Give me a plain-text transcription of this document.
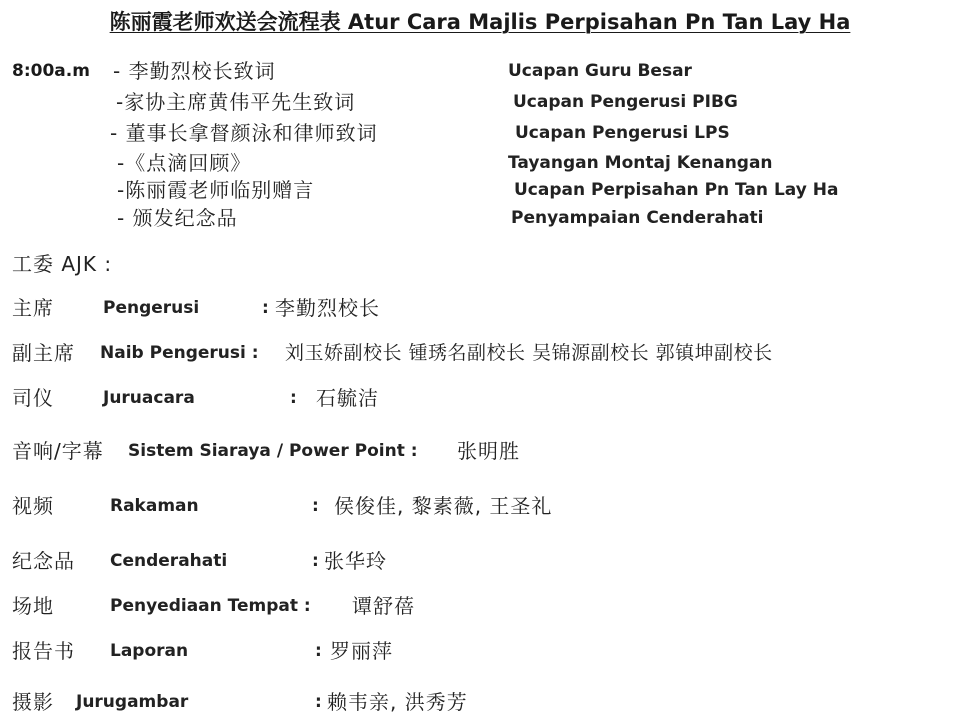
陈丽霞老师欢送会流程表 Atur Cara Majlis Perpisahan Pn Tan Lay Ha
8:00a.m - 李勤烈校长致词	Ucapan Guru Besar
-家协主席黄伟平先生致词	Ucapan Pengerusi PIBG
- 董事长拿督颜泳和律师致词	Ucapan Pengerusi LPS
-《点滴回顾》	Tayangan Montaj Kenangan
-陈丽霞老师临别赠言	Ucapan Perpisahan Pn Tan Lay Ha
- 颁发纪念品	Penyampaian Cenderahati
工委 AJK :
主席	Pengerusi	: 李勤烈校长
副主席 Naib Pengerusi : 刘玉娇副校长 锺琇名副校长 吴锦源副校长 郭镇坤副校长
司仪	Juruacara	: 石毓洁
音响/字幕 Sistem Siaraya / Power Point : 张明胜
视频	Rakaman	: 侯俊佳, 黎素薇, 王圣礼
纪念品 Cenderahati	: 张华玲
场地	Penyediaan Tempat : 谭舒蓓
报告书 Laporan	: 罗丽萍
摄影 Jurugambar	: 赖韦亲, 洪秀芳
